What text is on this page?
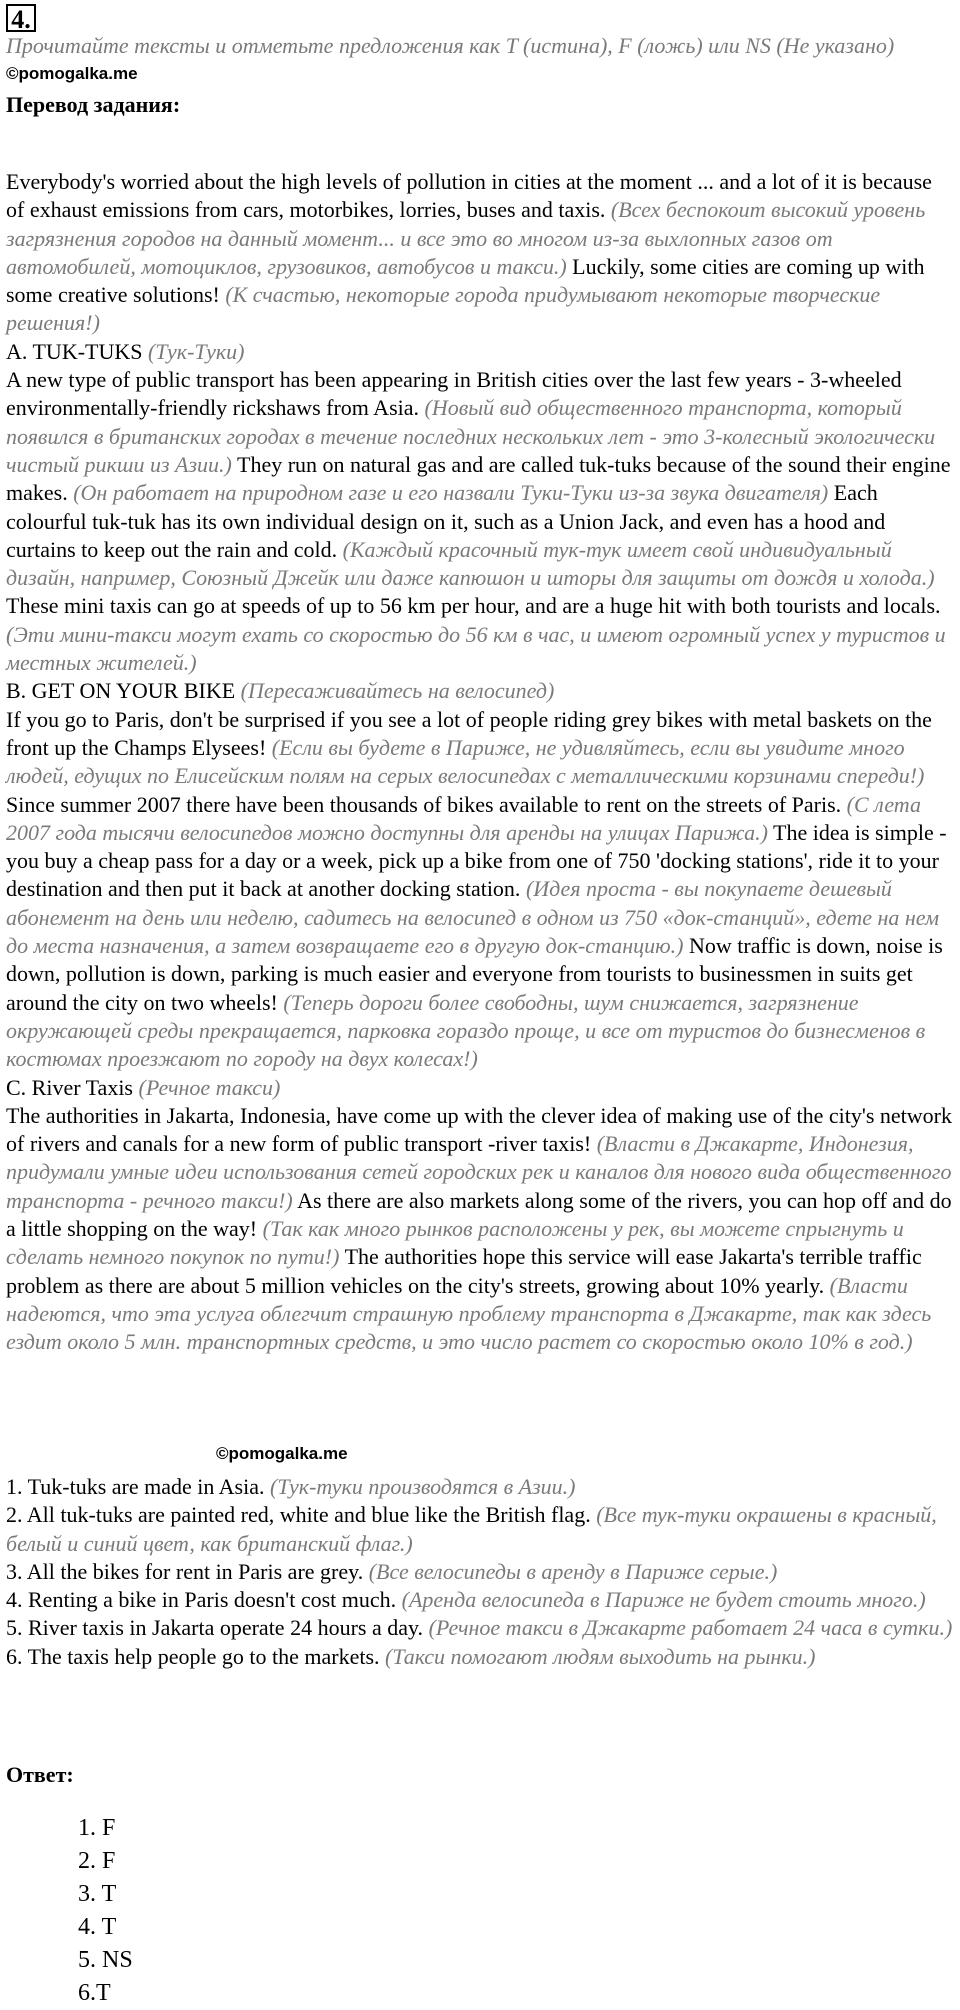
4.
Прочитайте тексты и отметьте предложения как T (истина), F (ложь) или NS (Не указано) ©pomogalka.me
Перевод задания:

Everybody's worried about the high levels of pollution in cities at the moment ... and a lot of it is because of exhaust emissions from cars, motorbikes, lorries, buses and taxis. (Всех беспокоит высокий уровень загрязнения городов на данный момент... и все это во многом из-за выхлопных газов от автомобилей, мотоциклов, грузовиков, автобусов и такси.) Luckily, some cities are coming up with some creative solutions! (К счастью, некоторые города придумывают некоторые творческие решения!)

A. TUK-TUKS (Тук-Туки)

A new type of public transport has been appearing in British cities over the last few years - 3-wheeled environmentally-friendly rickshaws from Asia. (Новый вид общественного транспорта, который появился в британских городах в течение последних нескольких лет - это 3-колесный экологически чистый рикши из Азии.) They run on natural gas and are called tuk-tuks because of the sound their engine makes. (Он работает на природном газе и его назвали Туки-Туки из-за звука двигателя) Each colourful tuk-tuk has its own individual design on it, such as a Union Jack, and even has a hood and curtains to keep out the rain and cold. (Каждый красочный тук-тук имеет свой индивидуальный дизайн, например, Союзный Джейк или даже капюшон и шторы для защиты от дождя и холода.) These mini taxis can go at speeds of up to 56 km per hour, and are a huge hit with both tourists and locals. (Эти мини-такси могут ехать со скоростью до 56 км в час, и имеют огромный успех у туристов и местных жителей.)

B. GET ON YOUR BIKE (Пересаживайтесь на велосипед)

If you go to Paris, don't be surprised if you see a lot of people riding grey bikes with metal baskets on the front up the Champs Elysees! (Если вы будете в Париже, не удивляйтесь, если вы увидите много людей, едущих по Елисейским полям на серых велосипедах с металлическими корзинами спереди!) Since summer 2007 there have been thousands of bikes available to rent on the streets of Paris. (С лета 2007 года тысячи велосипедов можно доступны для аренды на улицах Парижа.) The idea is simple - you buy a cheap pass for a day or a week, pick up a bike from one of 750 'docking stations', ride it to your destination and then put it back at another docking station. (Идея проста - вы покупаете дешевый абонемент на день или неделю, садитесь на велосипед в одном из 750 «док-станций», едете на нем до места назначения, а затем возвращаете его в другую док-станцию.) Now traffic is down, noise is down, pollution is down, parking is much easier and everyone from tourists to businessmen in suits get around the city on two wheels! (Теперь дороги более свободны, шум снижается, загрязнение окружающей среды прекращается, парковка гораздо проще, и все от туристов до бизнесменов в костюмах проезжают по городу на двух колесах!)

C. River Taxis (Речное такси)

The authorities in Jakarta, Indonesia, have come up with the clever idea of making use of the city's network of rivers and canals for a new form of public transport -river taxis! (Власти в Джакарте, Индонезия, придумали умные идеи использования сетей городских рек и каналов для нового вида общественного транспорта - речного такси!) As there are also markets along some of the rivers, you can hop off and do a little shopping on the way! (Так как много рынков расположены у рек, вы можете спрыгнуть и сделать немного покупок по пути!) The authorities hope this service will ease Jakarta's terrible traffic problem as there are about 5 million vehicles on the city's streets, growing about 10% yearly. (Власти надеются, что эта услуга облегчит страшную проблему транспорта в Джакарте, так как здесь ездит около 5 млн. транспортных средств, и это число растет со скоростью около 10% в год.)

©pomogalka.me

1. Tuk-tuks are made in Asia. (Тук-туки производятся в Азии.)

2. All tuk-tuks are painted red, white and blue like the British flag. (Все тук-туки окрашены в красный, белый и синий цвет, как британский флаг.)

3. All the bikes for rent in Paris are grey. (Все велосипеды в аренду в Париже серые.)

4. Renting a bike in Paris doesn't cost much. (Аренда велосипеда в Париже не будет стоить много.)

5. River taxis in Jakarta operate 24 hours a day. (Речное такси в Джакарте работает 24 часа в сутки.)

6. The taxis help people go to the markets. (Такси помогают людям выходить на рынки.)

Ответ:
1. F
2. F
3. T
4. T
5. NS
6.T
